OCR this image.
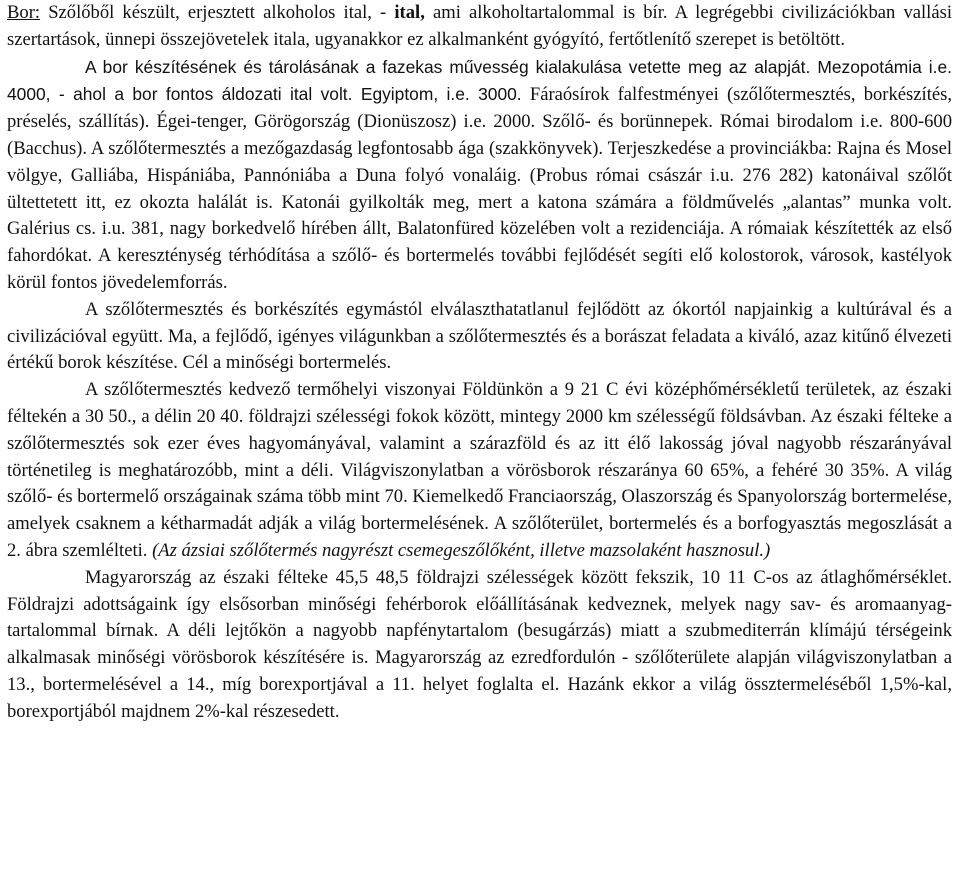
Bor: Szőlőből készült, erjesztett alkoholos ital, - ital, ami alkoholtartalommal is bír. A legrégebbi civilizációkban vallási szertartások, ünnepi összejövetelek itala, ugyanakkor ez alkalmanként gyógyító, fertőtlenítő szerepet is betöltött.

A bor készítésének és tárolásának a fazekas művesség kialakulása vetette meg az alapját. Mezopotámia i.e. 4000, - ahol a bor fontos áldozati ital volt. Egyiptom, i.e. 3000. Fáraósírok falfestményei (szőlőtermesztés, borkészítés, préselés, szállítás). Égei-tenger, Görögország (Dionüszosz) i.e. 2000. Szőlő- és borünnepek. Római birodalom i.e. 800-600 (Bacchus). A szőlőtermesztés a mezőgazdaság legfontosabb ága (szakkönyvek). Terjeszkedése a provinciákba: Rajna és Mosel völgye, Galliába, Hispániába, Pannóniába a Duna folyó vonaláig. (Probus római császár i.u. 276 282) katonáival szőlőt ültettetett itt, ez okozta halálát is. Katonái gyilkolták meg, mert a katona számára a földművelés „alantas” munka volt. Galérius cs. i.u. 381, nagy borkedvelő hírében állt, Balatonfüred közelében volt a rezidenciája. A rómaiak készítették az első fahordókat. A kereszténység térhódítása a szőlő- és bortermelés további fejlődését segíti elő kolostorok, városok, kastélyok körül fontos jövedelemforrás.

A szőlőtermesztés és borkészítés egymástól elválaszthatatlanul fejlődött az ókortól napjainkig a kultúrával és a civilizációval együtt. Ma, a fejlődő, igényes világunkban a szőlőtermesztés és a borászat feladata a kiváló, azaz kitűnő élvezeti értékű borok készítése. Cél a minőségi bortermelés.

A szőlőtermesztés kedvező termőhelyi viszonyai Földünkön a 9 21 C évi középhőmérsékletű területek, az északi féltekén a 30 50., a délin 20 40. földrajzi szélességi fokok között, mintegy 2000 km szélességű földsávban. Az északi félteke a szőlőtermesztés sok ezer éves hagyományával, valamint a szárazföld és az itt élő lakosság jóval nagyobb részarányával történetileg is meghatározóbb, mint a déli. Világviszonylatban a vörösborok részaránya 60 65%, a fehéré 30 35%. A világ szőlő- és bortermelő országainak száma több mint 70. Kiemelkedő Franciaország, Olaszország és Spanyolország bortermelése, amelyek csaknem a kétharmadát adják a világ bortermelésének. A szőlőterület, bortermelés és a borfogyasztás megoszlását a 2. ábra szemlélteti. (Az ázsiai szőlőtermés nagyrészt csemegeszőlőként, illetve mazsolaként hasznosul.)

Magyarország az északi félteke 45,5 48,5 földrajzi szélességek között fekszik, 10 11 C-os az átlaghőmérséklet. Földrajzi adottságaink így elsősorban minőségi fehérborok előállításának kedveznek, melyek nagy sav- és aromaanyag-tartalommal bírnak. A déli lejtőkön a nagyobb napfénytartalom (besugárzás) miatt a szubmediterrán klímájú térségeink alkalmasak minőségi vörösborok készítésére is. Magyarország az ezredfordulón - szőlőterülete alapján világviszonylatban a 13., bortermelésével a 14., míg borexportjával a 11. helyet foglalta el. Hazánk ekkor a világ össztermeléséből 1,5%-kal, borexportjából majdnem 2%-kal részesedett.
